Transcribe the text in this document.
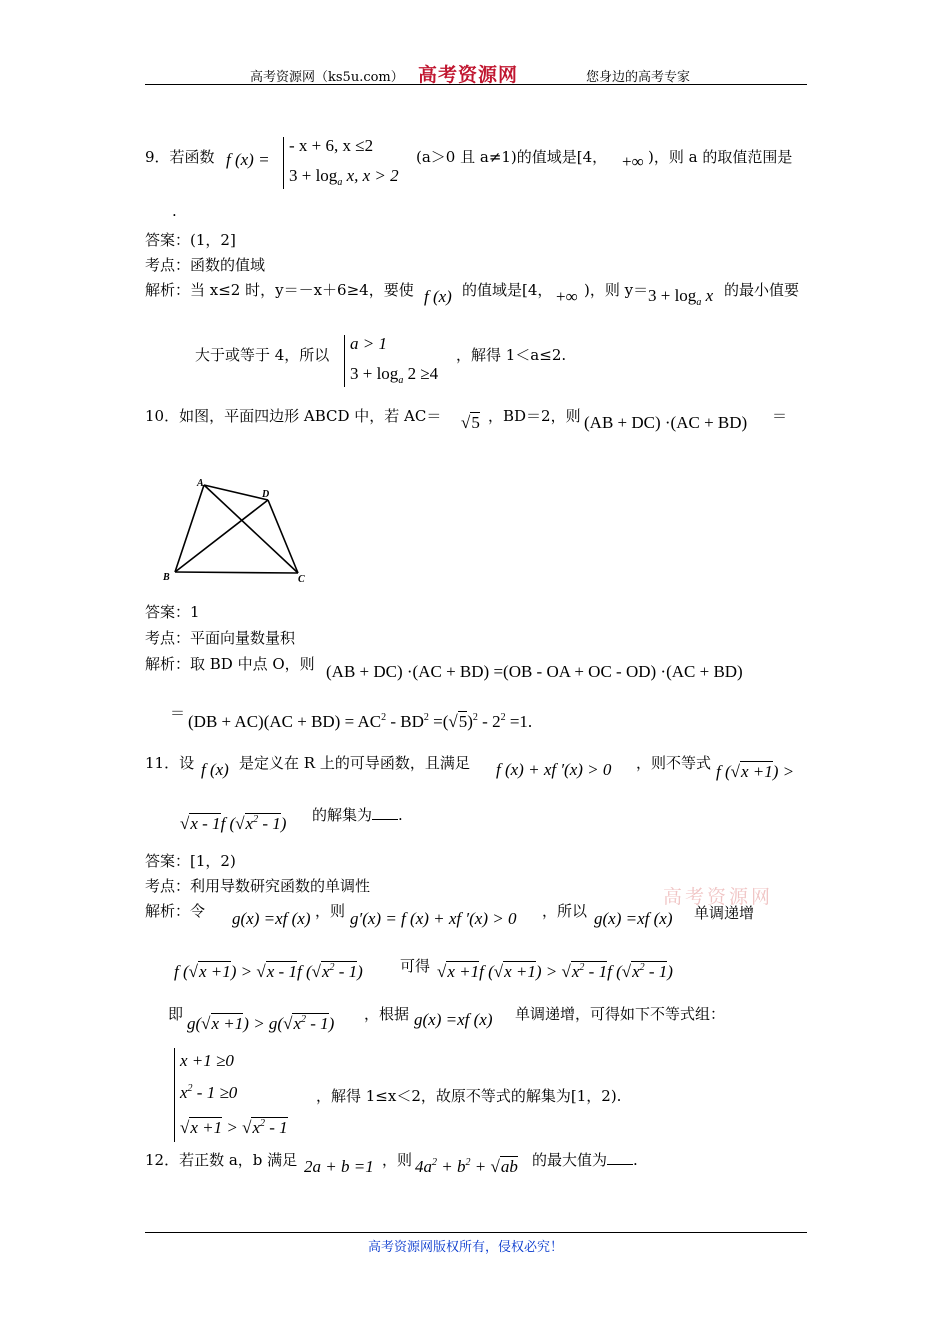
高考资源网（ks5u.com） 高考资源网	您身边的高考专家
9．若函数 f (x) =
- x + 6, x ≤2
$3 + \log_a x$, x > 2
(a＞0 且 a≠1)的值域是[4， +∞ )，则 a 的取值范围是
.
答案：(1，2]
考点：函数的值域
解析：当 x≤2 时，y＝－x＋6≥4，要使 f (x) 的值域是[4， +∞ )，则 $y= 3 + \log_a x$ 的最小值要
大于或等于 4，所以
a > 1
$3 + \log_a 2 \ge 4$
，解得 1＜a≤2.
10．如图，平面四边形 ABCD 中，若 AC＝ √5 ，BD＝2，则 (AB + DC) ·(AC + BD) ＝
A
D
B	C
答案：1
考点：平面向量数量积
解析：取 BD 中点 O，则 (AB + DC) ·(AC + BD) =(OB - OA + OC - OD) ·(AC + BD)
＝ $(DB + AC)(AC + BD) = AC^2 - BD^2 =(√5)^2 - 2^2 =1$.
11．设 f (x) 是定义在 R 上的可导函数，且满足 f (x) + xf ′(x) > 0 ，则不等式 f (√x +1) >
√x - 1f $(√x^2 - 1)$ 的解集为 .
答案：[1，2)
考点：利用导数研究函数的单调性	高考资源网
解析：令 g(x) =xf (x) ，则 g′(x) = f (x) + xf ′(x) > 0 ，所以 g(x) =xf (x) 单调递增
f (√x +1) > √x - 1f $(√x^2 - 1)$ 可得 √x +1f $(√x +1) > √x^2 - 1f$ $(√x^2 - 1)$
即 $g(√x +1) > g(√x^2 - 1)$ ，根据 g(x) =xf (x) 单调递增，可得如下不等式组：
x +1 ≥0
$x^2 - 1 \ge 0$
$√x +1 > √x^2 - 1$
，解得 1≤x＜2，故原不等式的解集为[1，2).
12．若正数 a，b 满足 2a + b =1 ，则 $4a^2 + b^2 + √ab$ 的最大值为 .
高考资源网版权所有，侵权必究！
